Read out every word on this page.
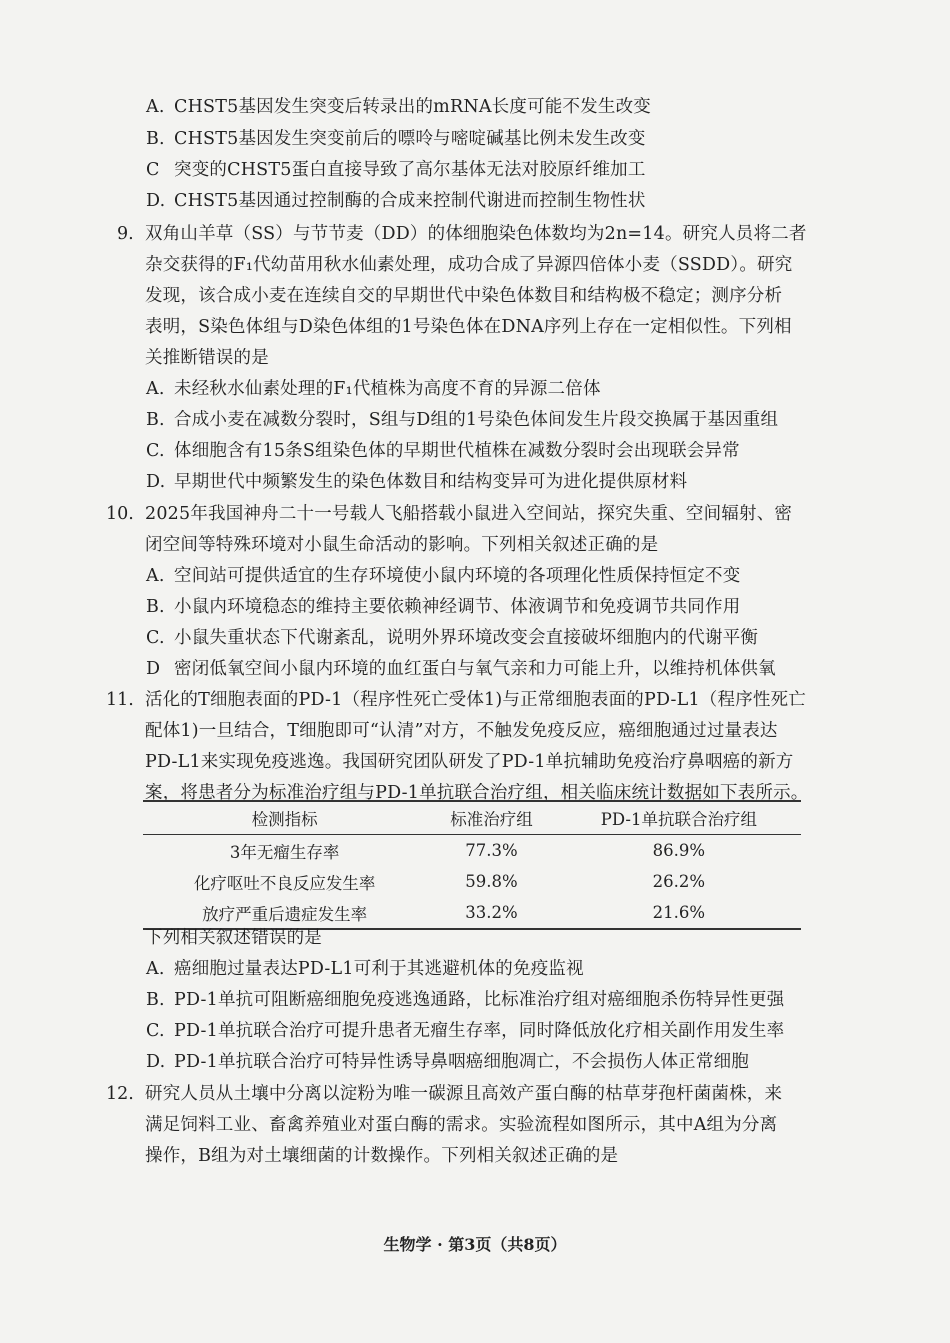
A. CHST5基因发生突变后转录出的mRNA长度可能不发生改变
B. CHST5基因发生突变前后的嘌呤与嘧啶碱基比例未发生改变
C 突变的CHST5蛋白直接导致了高尔基体无法对胶原纤维加工
D. CHST5基因通过控制酶的合成来控制代谢进而控制生物性状
9. 双角山羊草（SS）与节节麦（DD）的体细胞染色体数均为2n=14。研究人员将二者
杂交获得的F₁代幼苗用秋水仙素处理，成功合成了异源四倍体小麦（SSDD）。研究
发现，该合成小麦在连续自交的早期世代中染色体数目和结构极不稳定；测序分析
表明，S染色体组与D染色体组的1号染色体在DNA序列上存在一定相似性。下列相
关推断错误的是
A. 未经秋水仙素处理的F₁代植株为高度不育的异源二倍体
B. 合成小麦在减数分裂时，S组与D组的1号染色体间发生片段交换属于基因重组
C. 体细胞含有15条S组染色体的早期世代植株在减数分裂时会出现联会异常
D. 早期世代中频繁发生的染色体数目和结构变异可为进化提供原材料
10. 2025年我国神舟二十一号载人飞船搭载小鼠进入空间站，探究失重、空间辐射、密
闭空间等特殊环境对小鼠生命活动的影响。下列相关叙述正确的是
A. 空间站可提供适宜的生存环境使小鼠内环境的各项理化性质保持恒定不变
B. 小鼠内环境稳态的维持主要依赖神经调节、体液调节和免疫调节共同作用
C. 小鼠失重状态下代谢紊乱，说明外界环境改变会直接破坏细胞内的代谢平衡
D 密闭低氧空间小鼠内环境的血红蛋白与氧气亲和力可能上升，以维持机体供氧
11. 活化的T细胞表面的PD-1（程序性死亡受体1)与正常细胞表面的PD-L1（程序性死亡
配体1)一旦结合，T细胞即可“认清”对方，不触发免疫反应，癌细胞通过过量表达
PD-L1来实现免疫逃逸。我国研究团队研发了PD-1单抗辅助免疫治疗鼻咽癌的新方
案，将患者分为标准治疗组与PD-1单抗联合治疗组，相关临床统计数据如下表所示。
检测指标	标准治疗组	PD-1单抗联合治疗组
3年无瘤生存率	77.3%	86.9%
化疗呕吐不良反应发生率	59.8%	26.2%
放疗严重后遗症发生率	33.2%	21.6%
下列相关叙述错误的是
A. 癌细胞过量表达PD-L1可利于其逃避机体的免疫监视
B. PD-1单抗可阻断癌细胞免疫逃逸通路，比标准治疗组对癌细胞杀伤特异性更强
C. PD-1单抗联合治疗可提升患者无瘤生存率，同时降低放化疗相关副作用发生率
D. PD-1单抗联合治疗可特异性诱导鼻咽癌细胞凋亡，不会损伤人体正常细胞
12. 研究人员从土壤中分离以淀粉为唯一碳源且高效产蛋白酶的枯草芽孢杆菌菌株，来
满足饲料工业、畜禽养殖业对蛋白酶的需求。实验流程如图所示，其中A组为分离
操作，B组为对土壤细菌的计数操作。下列相关叙述正确的是
生物学 · 第3页（共8页）
